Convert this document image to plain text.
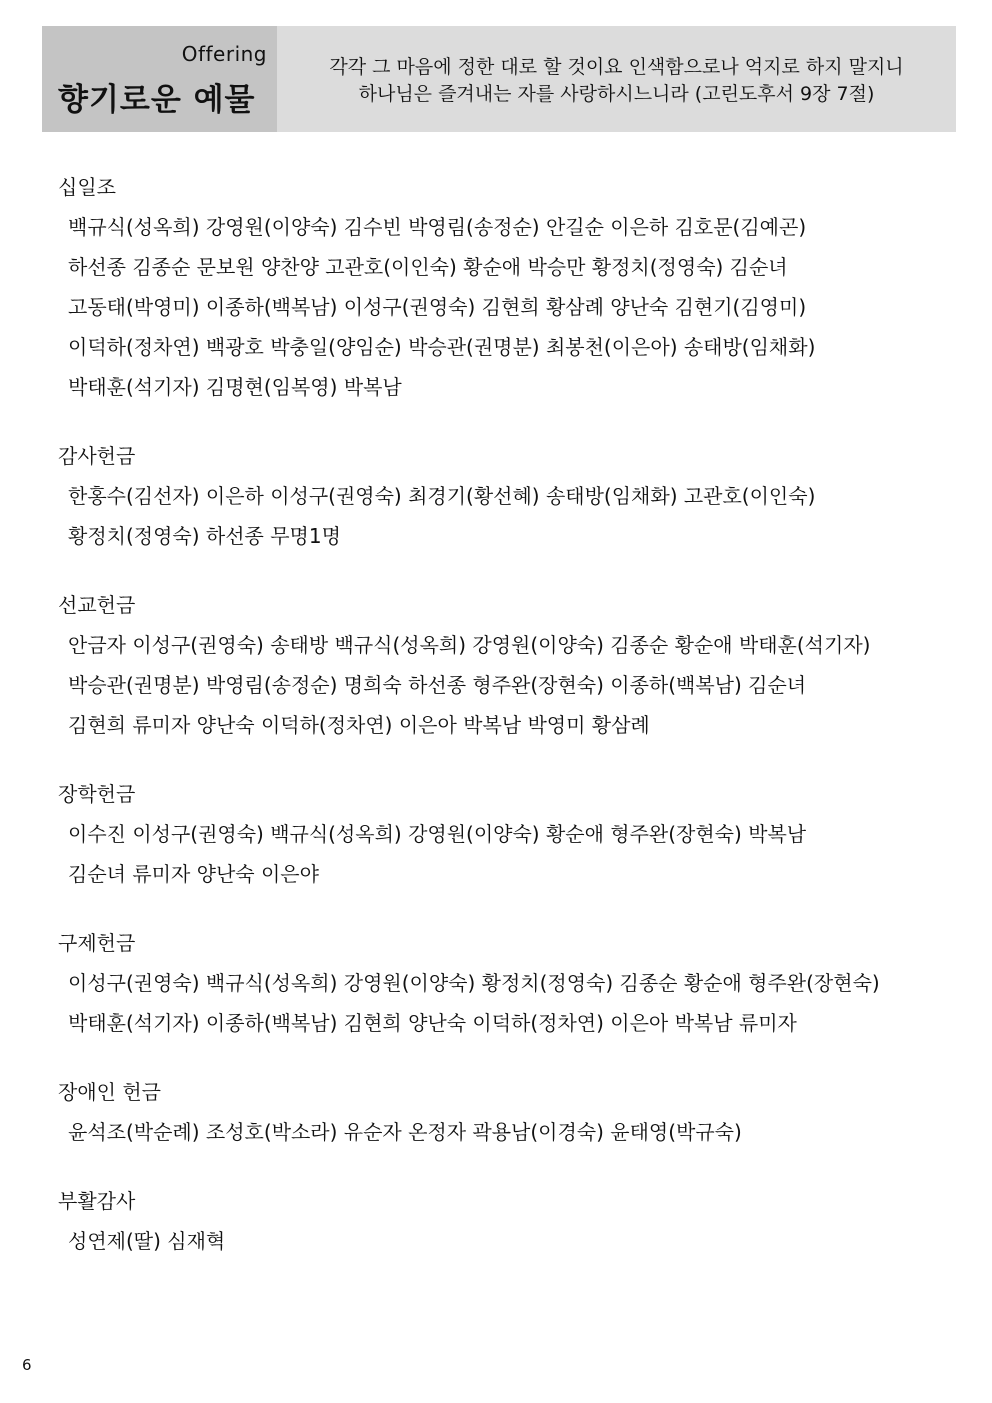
Offering
향기로운 예물
각각 그 마음에 정한 대로 할 것이요 인색함으로나 억지로 하지 말지니
하나님은 즐겨내는 자를 사랑하시느니라 (고린도후서 9장 7절)
십일조
백규식(성옥희) 강영원(이양숙) 김수빈 박영림(송정순) 안길순 이은하 김호문(김예곤)
하선종 김종순 문보원 양찬양 고관호(이인숙) 황순애 박승만 황정치(정영숙) 김순녀
고동태(박영미) 이종하(백복남) 이성구(권영숙) 김현희 황삼례 양난숙 김현기(김영미)
이덕하(정차연) 백광호 박충일(양임순) 박승관(권명분) 최봉천(이은아) 송태방(임채화)
박태훈(석기자) 김명현(임복영) 박복남
감사헌금
한홍수(김선자) 이은하 이성구(권영숙) 최경기(황선혜) 송태방(임채화) 고관호(이인숙)
황정치(정영숙) 하선종 무명1명
선교헌금
안금자 이성구(권영숙) 송태방 백규식(성옥희) 강영원(이양숙) 김종순 황순애 박태훈(석기자)
박승관(권명분) 박영림(송정순) 명희숙 하선종 형주완(장현숙) 이종하(백복남) 김순녀
김현희 류미자 양난숙 이덕하(정차연) 이은아 박복남 박영미 황삼례
장학헌금
이수진 이성구(권영숙) 백규식(성옥희) 강영원(이양숙) 황순애 형주완(장현숙) 박복남
김순녀 류미자 양난숙 이은야
구제헌금
이성구(권영숙) 백규식(성옥희) 강영원(이양숙) 황정치(정영숙) 김종순 황순애 형주완(장현숙)
박태훈(석기자) 이종하(백복남) 김현희 양난숙 이덕하(정차연) 이은아 박복남 류미자
장애인 헌금
윤석조(박순례) 조성호(박소라) 유순자 온정자 곽용남(이경숙) 윤태영(박규숙)
부활감사
성연제(딸) 심재혁
6
